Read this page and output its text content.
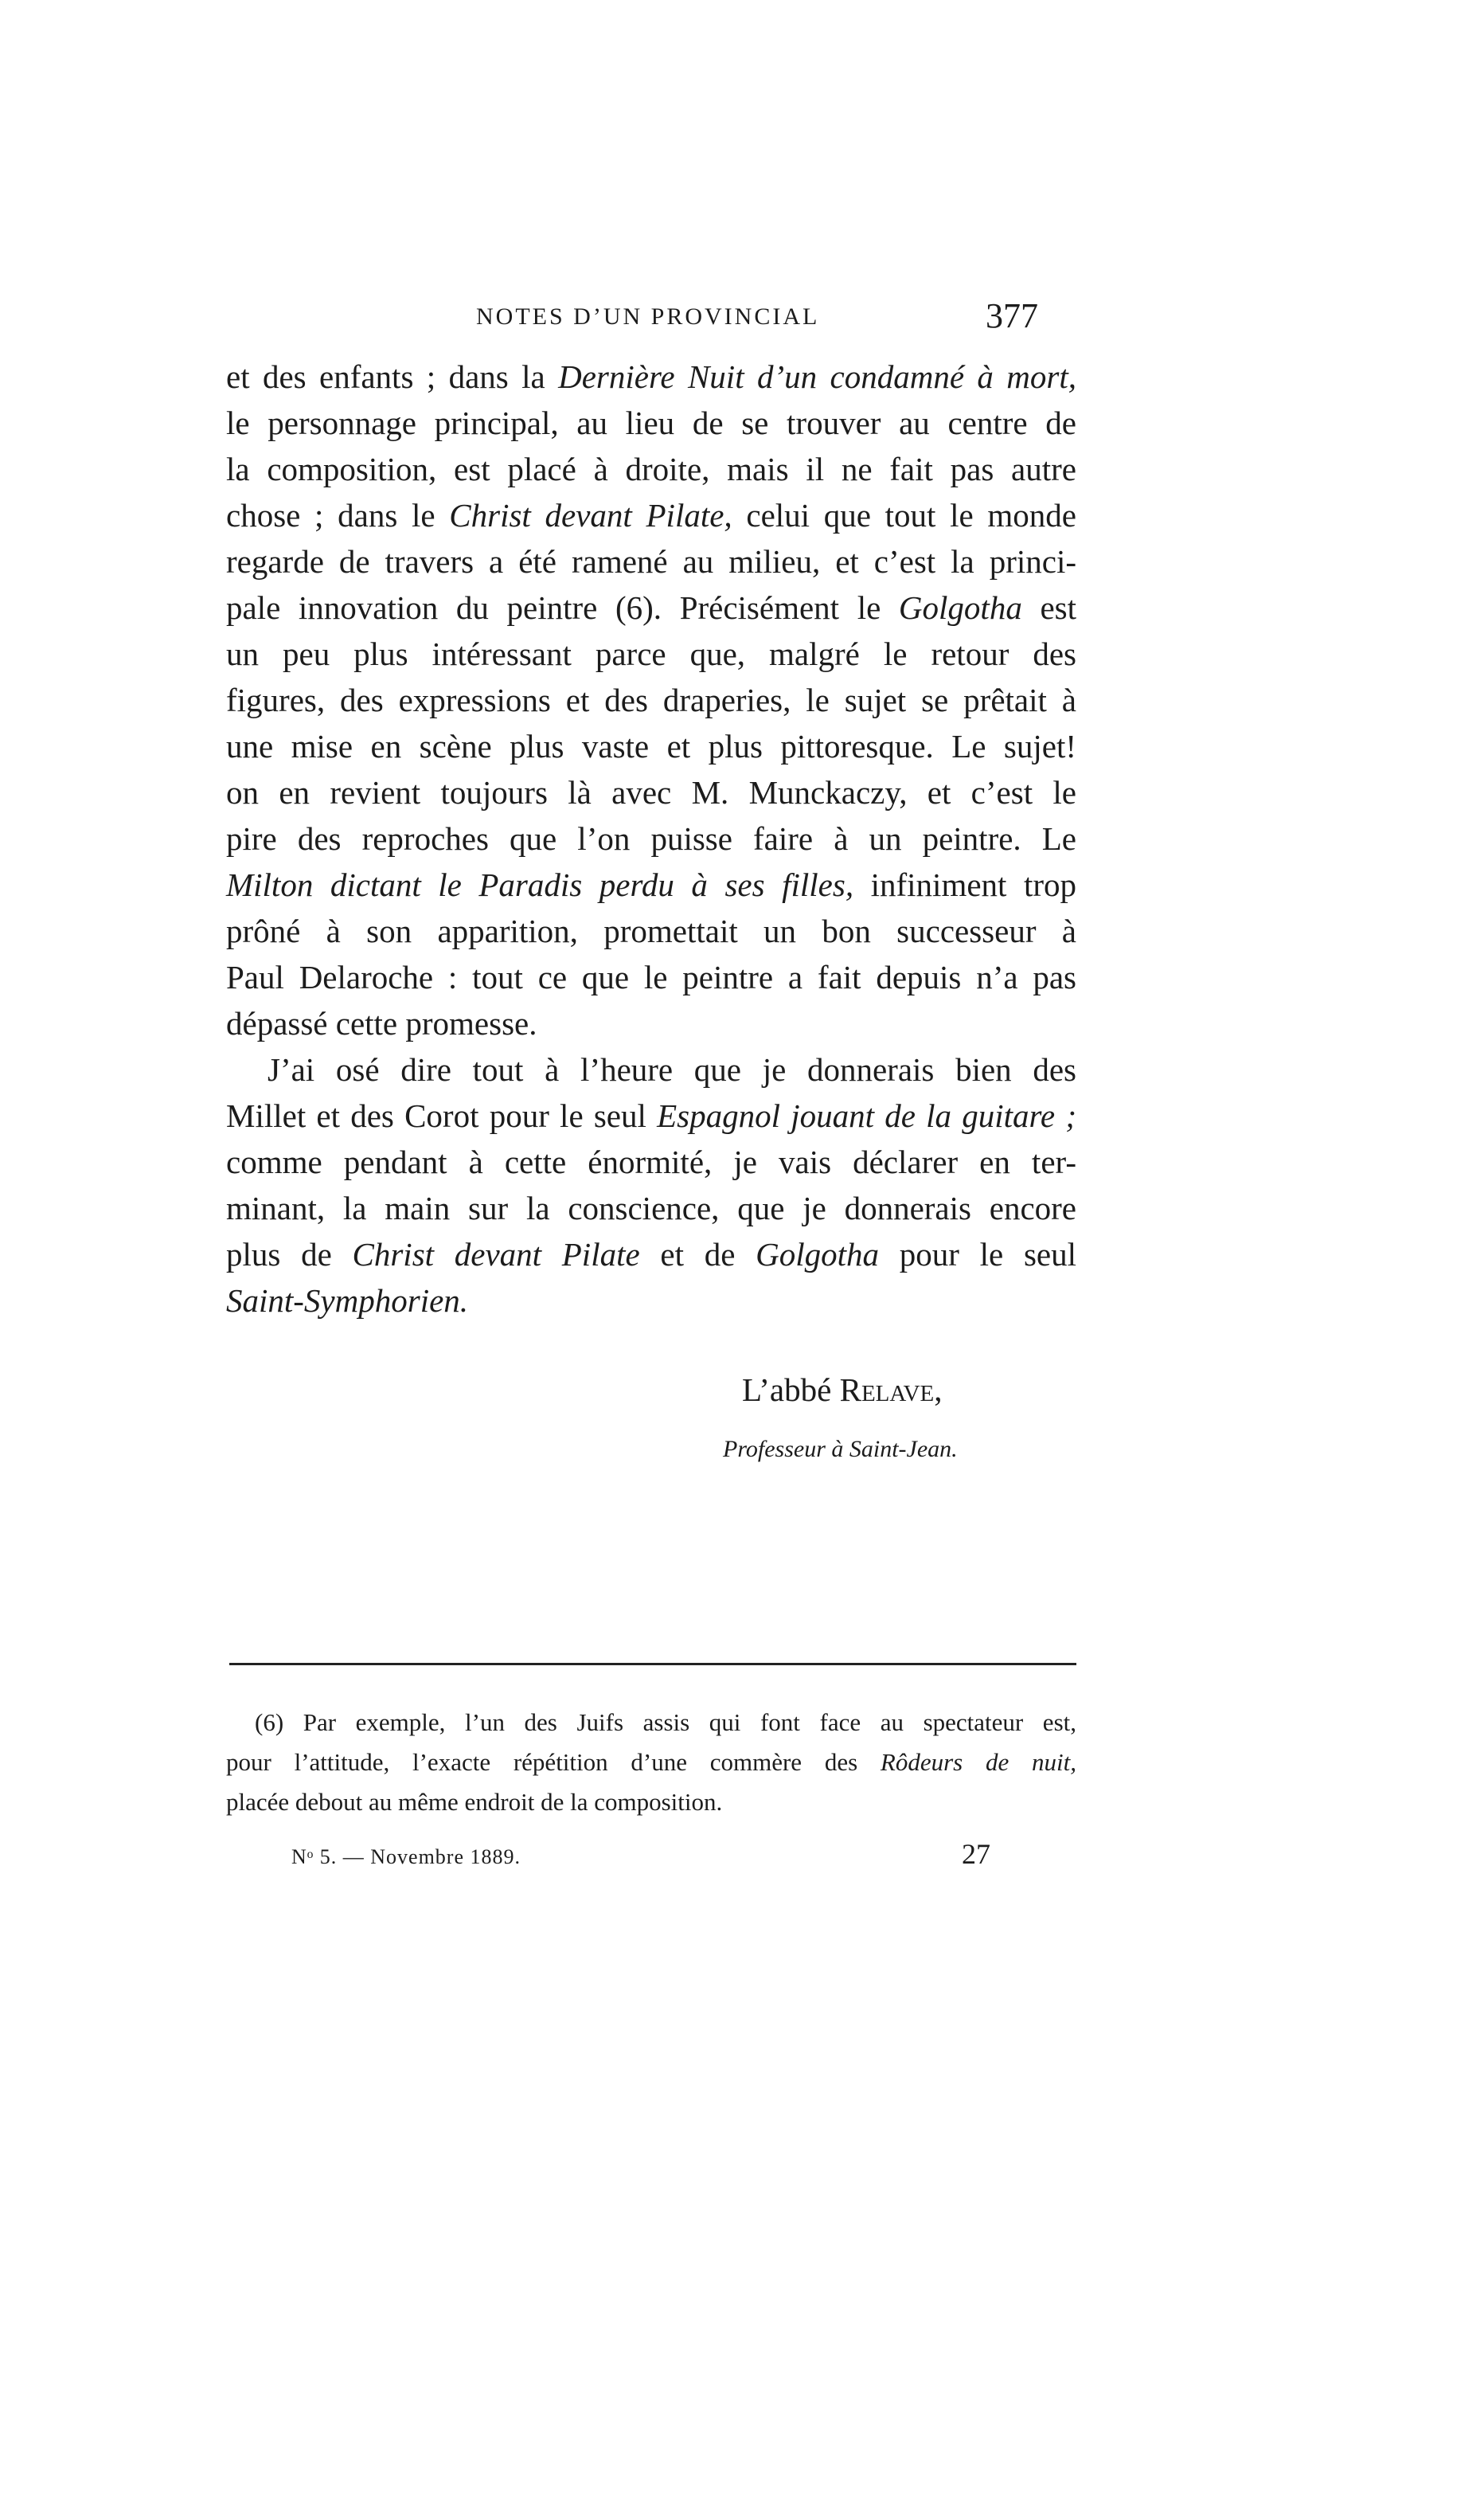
NOTES D’UN PROVINCIAL	377
et des enfants ; dans la Dernière Nuit d’un condamné à mort,
le personnage principal, au lieu de se trouver au centre de
la composition, est placé à droite, mais il ne fait pas autre
chose ; dans le Christ devant Pilate, celui que tout le monde
regarde de travers a été ramené au milieu, et c’est la princi-
pale innovation du peintre (6). Précisément le Golgotha est
un peu plus intéressant parce que, malgré le retour des
figures, des expressions et des draperies, le sujet se prêtait à
une mise en scène plus vaste et plus pittoresque. Le sujet!
on en revient toujours là avec M. Munckaczy, et c’est le
pire des reproches que l’on puisse faire à un peintre. Le
Milton dictant le Paradis perdu à ses filles, infiniment trop
prôné à son apparition, promettait un bon successeur à
Paul Delaroche : tout ce que le peintre a fait depuis n’a pas
dépassé cette promesse.
J’ai osé dire tout à l’heure que je donnerais bien des
Millet et des Corot pour le seul Espagnol jouant de la guitare ;
comme pendant à cette énormité, je vais déclarer en ter-
minant, la main sur la conscience, que je donnerais encore
plus de Christ devant Pilate et de Golgotha pour le seul
Saint-Symphorien.
L’abbé Relave,
Professeur à Saint-Jean.
(6) Par exemple, l’un des Juifs assis qui font face au spectateur est,
pour l’attitude, l’exacte répétition d’une commère des Rôdeurs de nuit,
placée debout au même endroit de la composition.
Nᵒ 5. — Novembre 1889.	27
